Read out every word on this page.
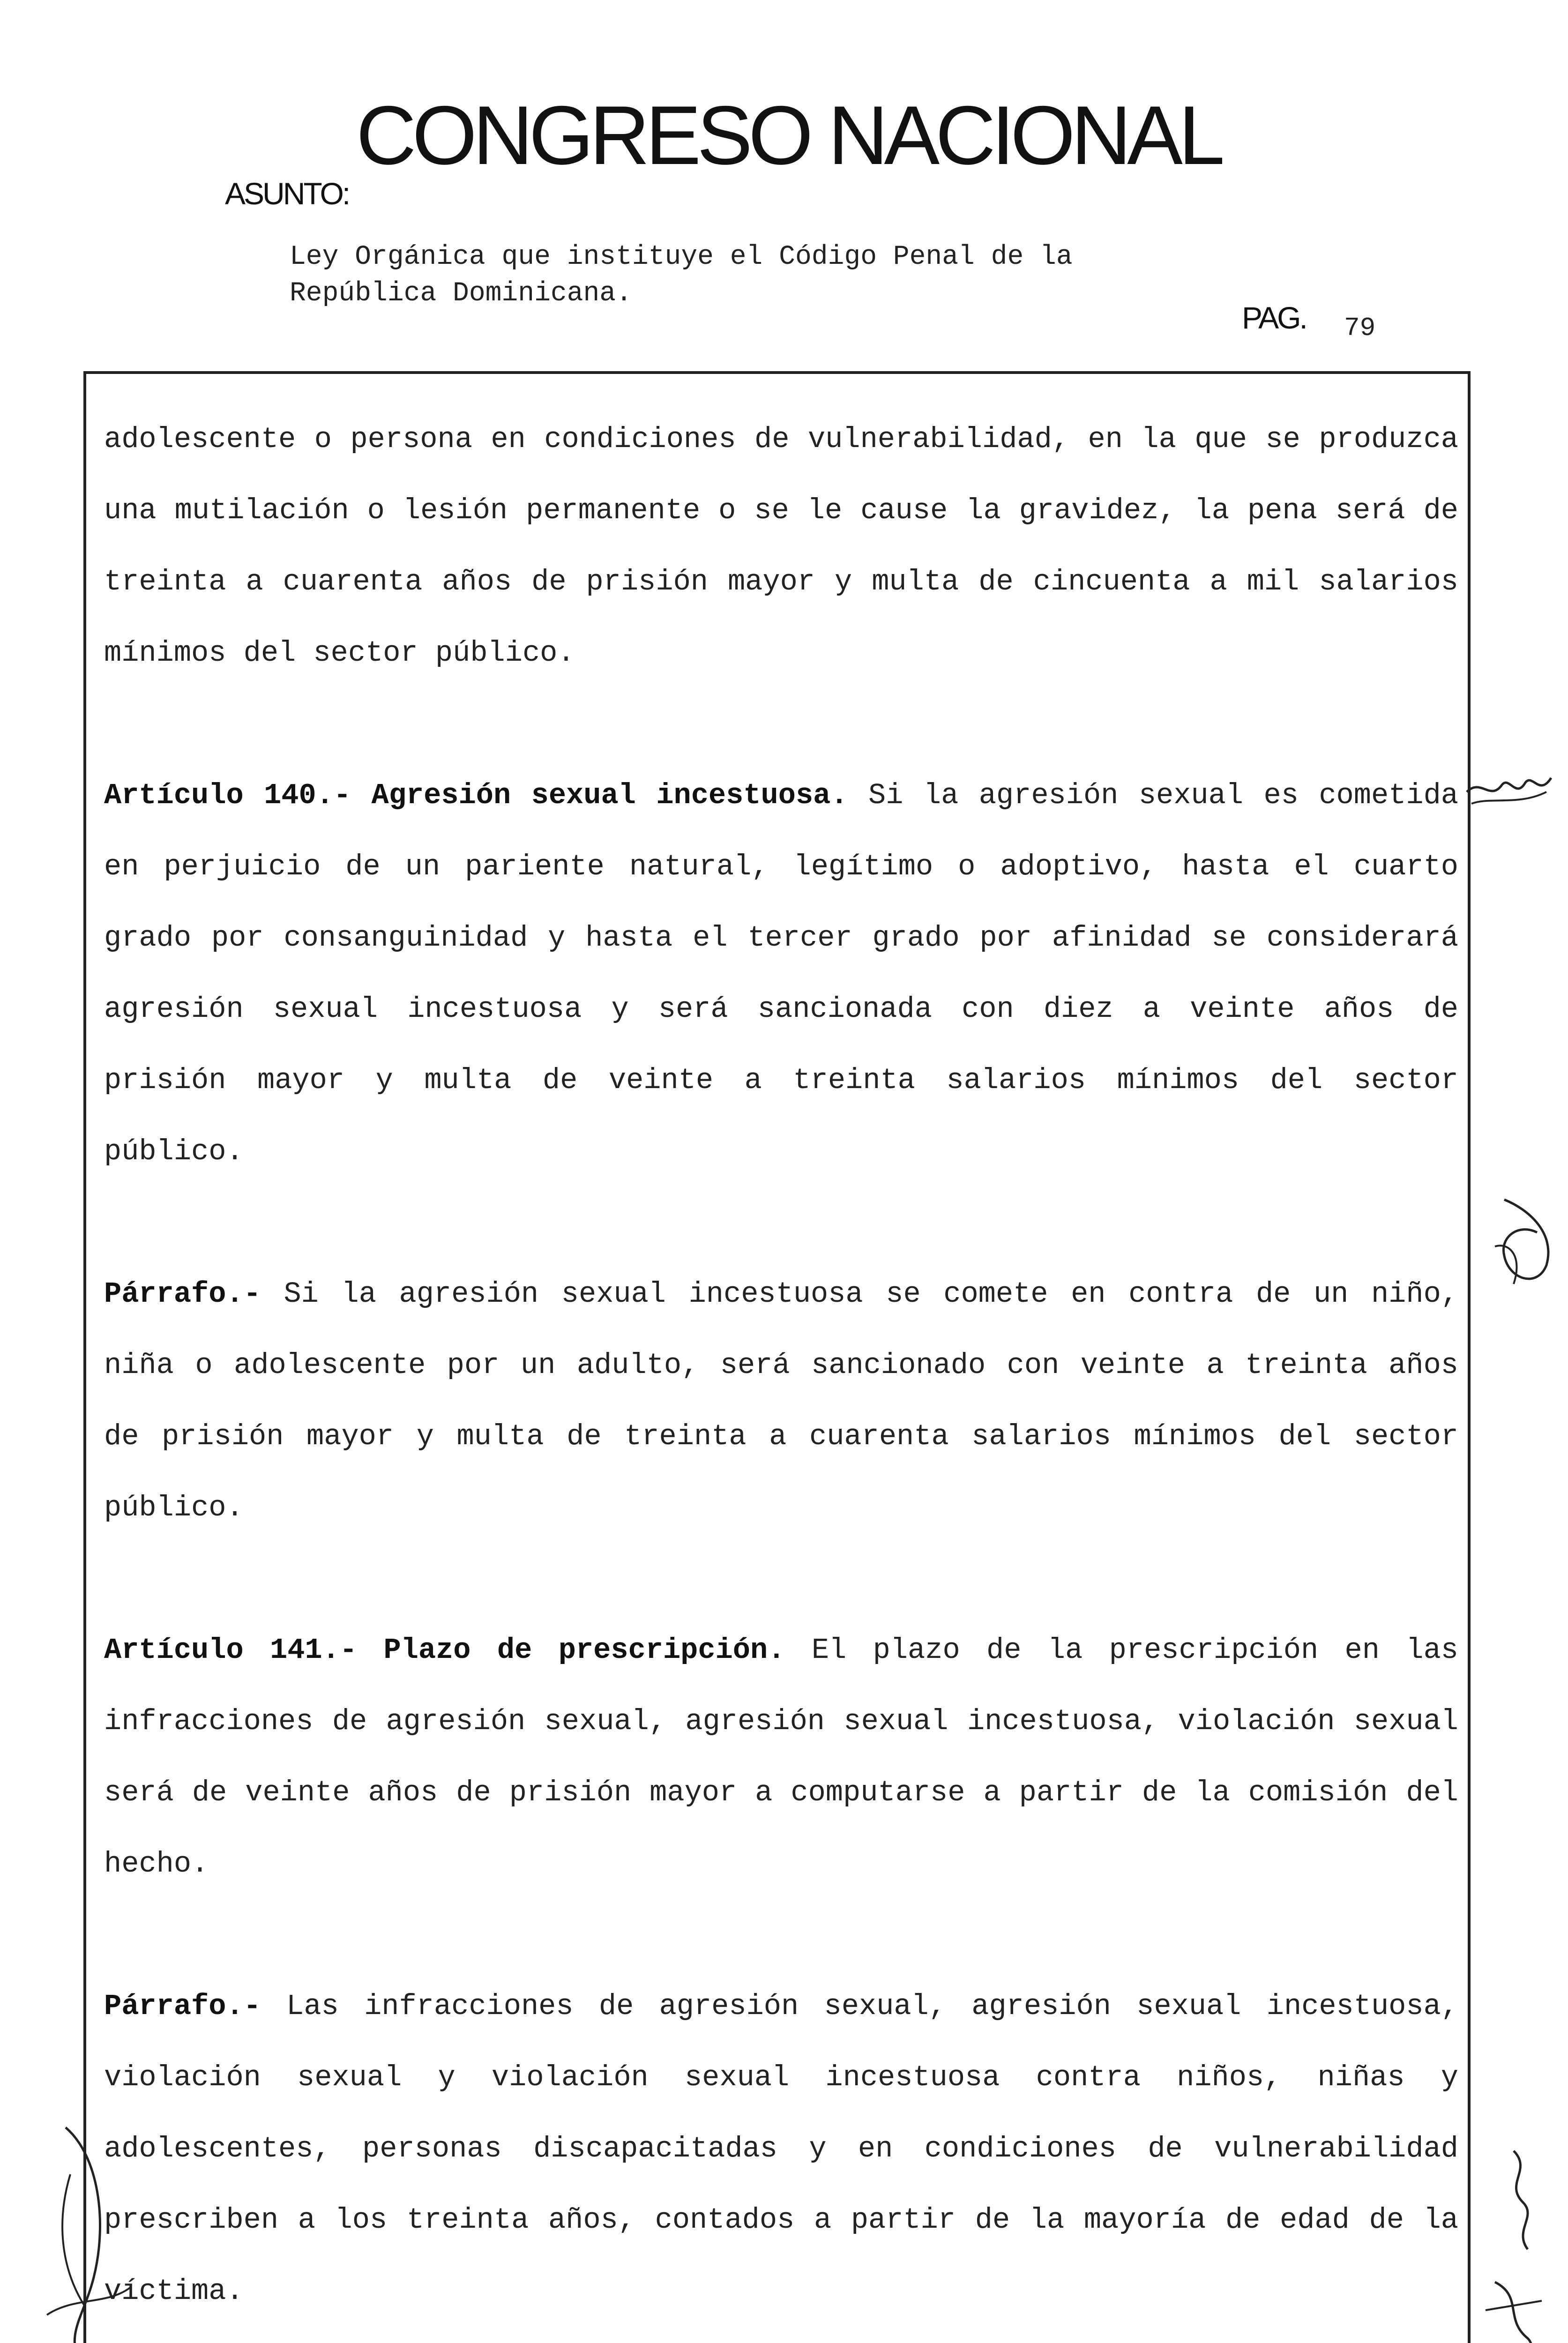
CONGRESO NACIONAL
ASUNTO:
Ley Orgánica que instituye el Código Penal de la
República Dominicana.
PAG. 79

adolescente o persona en condiciones de vulnerabilidad, en la que se produzca una mutilación o lesión permanente o se le cause la gravidez, la pena será de treinta a cuarenta años de prisión mayor y multa de cincuenta a mil salarios mínimos del sector público.

Artículo 140.- Agresión sexual incestuosa. Si la agresión sexual es cometida en perjuicio de un pariente natural, legítimo o adoptivo, hasta el cuarto grado por consanguinidad y hasta el tercer grado por afinidad se considerará agresión sexual incestuosa y será sancionada con diez a veinte años de prisión mayor y multa de veinte a treinta salarios mínimos del sector público.

Párrafo.- Si la agresión sexual incestuosa se comete en contra de un niño, niña o adolescente por un adulto, será sancionado con veinte a treinta años de prisión mayor y multa de treinta a cuarenta salarios mínimos del sector público.

Artículo 141.- Plazo de prescripción. El plazo de la prescripción en las infracciones de agresión sexual, agresión sexual incestuosa, violación sexual será de veinte años de prisión mayor a computarse a partir de la comisión del hecho.

Párrafo.- Las infracciones de agresión sexual, agresión sexual incestuosa, violación sexual y violación sexual incestuosa contra niños, niñas y adolescentes, personas discapacitadas y en condiciones de vulnerabilidad prescriben a los treinta años, contados a partir de la mayoría de edad de la víctima.
